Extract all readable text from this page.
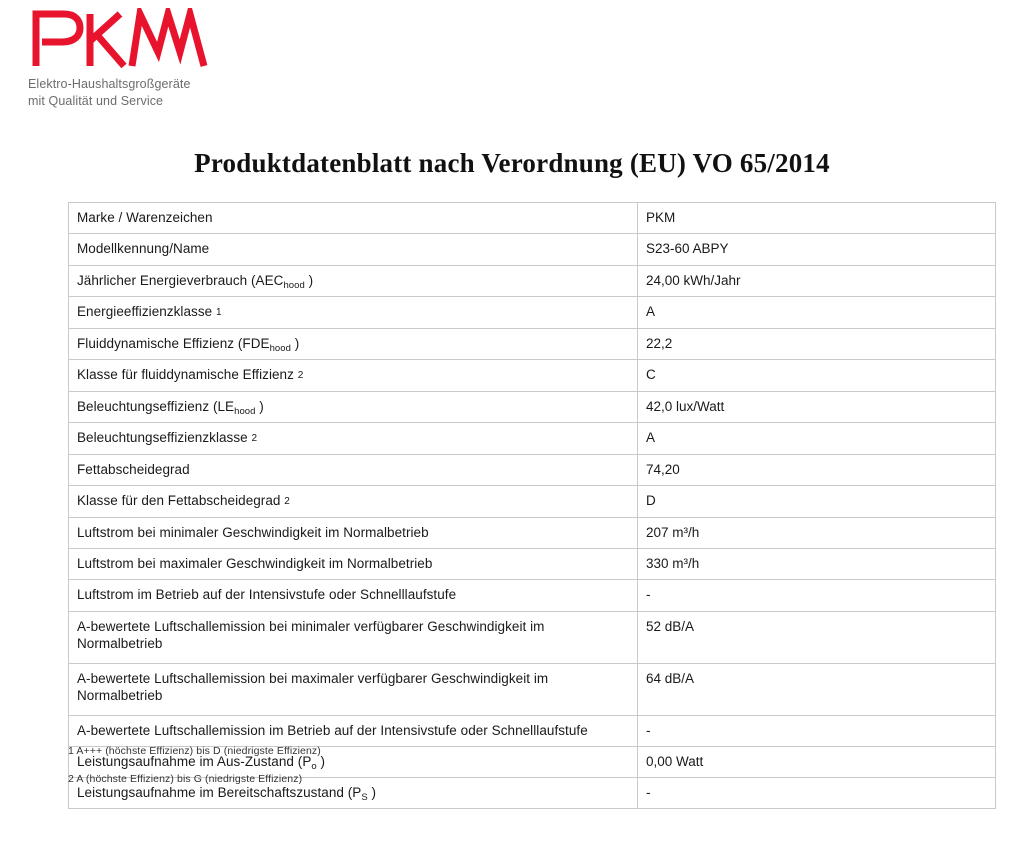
Elektro-Haushaltsgroßgeräte
mit Qualität und Service
Produktdatenblatt nach Verordnung (EU) VO 65/2014
Marke / Warenzeichen	PKM
Modellkennung/Name	S23-60 ABPY
Jährlicher Energieverbrauch ($AEC_{hood}$ )	24,00 kWh/Jahr
Energieeffizienzklasse $^1$	A
Fluiddynamische Effizienz ($FDE_{hood}$ )	22,2
Klasse für fluiddynamische Effizienz $^2$	C
Beleuchtungseffizienz ($LE_{hood}$ )	42,0 lux/Watt
Beleuchtungseffizienzklasse $^2$	A
Fettabscheidegrad	74,20
Klasse für den Fettabscheidegrad $^2$	D
Luftstrom bei minimaler Geschwindigkeit im Normalbetrieb	207 m³/h
Luftstrom bei maximaler Geschwindigkeit im Normalbetrieb	330 m³/h
Luftstrom im Betrieb auf der Intensivstufe oder Schnelllaufstufe	-
A-bewertete Luftschallemission bei minimaler verfügbarer Geschwindigkeit im Normalbetrieb	52 dB/A
A-bewertete Luftschallemission bei maximaler verfügbarer Geschwindigkeit im Normalbetrieb	64 dB/A
A-bewertete Luftschallemission im Betrieb auf der Intensivstufe oder Schnelllaufstufe	-
Leistungsaufnahme im Aus-Zustand ($P_o$ )	0,00 Watt
Leistungsaufnahme im Bereitschaftszustand ($P_S$ )	-
1 A+++ (höchste Effizienz) bis D (niedrigste Effizienz)
2 A (höchste Effizienz) bis G (niedrigste Effizienz)
